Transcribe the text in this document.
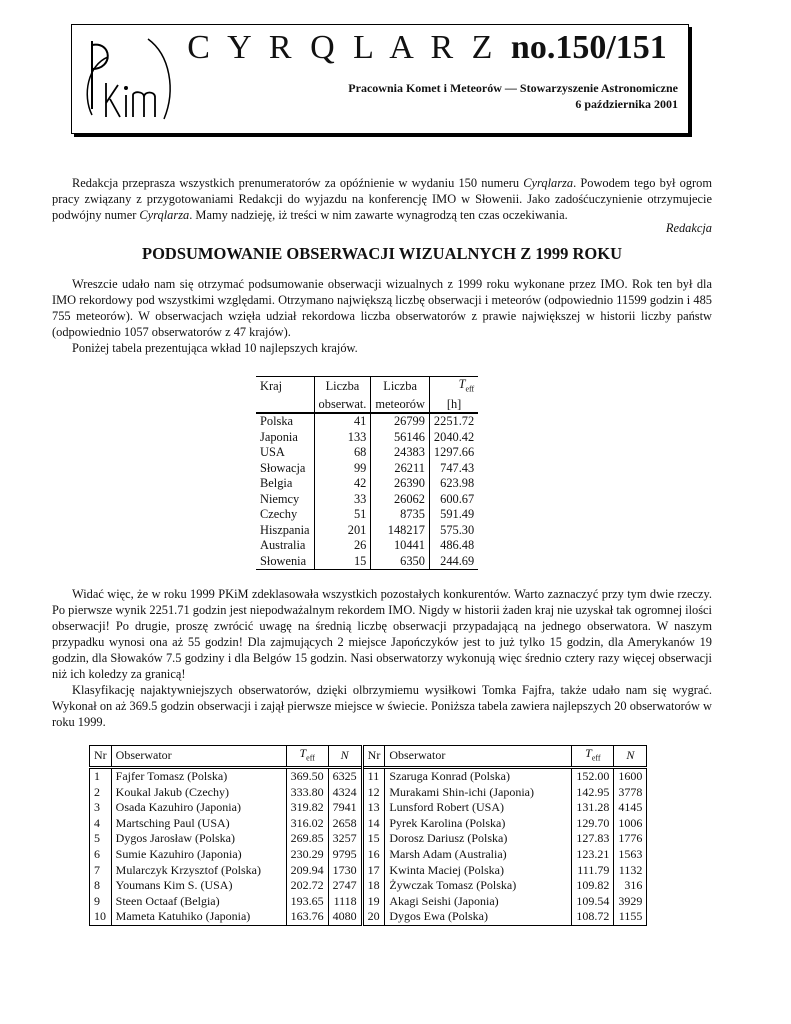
C Y R Q L A R Z no.150/151
Pracownia Komet i Meteorów — Stowarzyszenie Astronomiczne
6 października 2001

Redakcja przeprasza wszystkich prenumeratorów za opóźnienie w wydaniu 150 numeru Cyrqlarza. Powodem tego był ogrom pracy związany z przygotowaniami Redakcji do wyjazdu na konferencję IMO w Słowenii. Jako zadośćuczynienie otrzymujecie podwójny numer Cyrqlarza. Mamy nadzieję, iż treści w nim zawarte wynagrodzą ten czas oczekiwania.

Redakcja
PODSUMOWANIE OBSERWACJI WIZUALNYCH Z 1999 ROKU

Wreszcie udało nam się otrzymać podsumowanie obserwacji wizualnych z 1999 roku wykonane przez IMO. Rok ten był dla IMO rekordowy pod wszystkimi względami. Otrzymano największą liczbę obserwacji i meteorów (odpowiednio 11599 godzin i 485 755 meteorów). W obserwacjach wzięła udział rekordowa liczba obserwatorów z prawie największej w historii liczby państw (odpowiednio 1057 obserwatorów z 47 krajów).

Poniżej tabela prezentująca wkład 10 najlepszych krajów.

Kraj	Liczba	Liczba	$T_{eff}$
	obserwat.	meteorów	[h]
Polska	41	26799	2251.72
Japonia	133	56146	2040.42
USA	68	24383	1297.66
Słowacja	99	26211	747.43
Belgia	42	26390	623.98
Niemcy	33	26062	600.67
Czechy	51	8735	591.49
Hiszpania	201	148217	575.30
Australia	26	10441	486.48
Słowenia	15	6350	244.69

Widać więc, że w roku 1999 PKiM zdeklasowała wszystkich pozostałych konkurentów. Warto zaznaczyć przy tym dwie rzeczy. Po pierwsze wynik 2251.71 godzin jest niepodważalnym rekordem IMO. Nigdy w historii żaden kraj nie uzyskał tak ogromnej ilości obserwacji! Po drugie, proszę zwrócić uwagę na średnią liczbę obserwacji przypadającą na jednego obserwatora. W naszym przypadku wynosi ona aż 55 godzin! Dla zajmujących 2 miejsce Japończyków jest to już tylko 15 godzin, dla Amerykanów 19 godzin, dla Słowaków 7.5 godziny i dla Belgów 15 godzin. Nasi obserwatorzy wykonują więc średnio cztery razy więcej obserwacji niż ich koledzy za granicą!

Klasyfikację najaktywniejszych obserwatorów, dzięki olbrzymiemu wysiłkowi Tomka Fajfra, także udało nam się wygrać. Wykonał on aż 369.5 godzin obserwacji i zajął pierwsze miejsce w świecie. Poniższa tabela zawiera najlepszych 20 obserwatorów w roku 1999.

Nr	Obserwator	$T_{eff}$	N	Nr	Obserwator	$T_{eff}$	N
1	Fajfer Tomasz (Polska)	369.50	6325	11	Szaruga Konrad (Polska)	152.00	1600
2	Koukal Jakub (Czechy)	333.80	4324	12	Murakami Shin-ichi (Japonia)	142.95	3778
3	Osada Kazuhiro (Japonia)	319.82	7941	13	Lunsford Robert (USA)	131.28	4145
4	Martsching Paul (USA)	316.02	2658	14	Pyrek Karolina (Polska)	129.70	1006
5	Dygos Jarosław (Polska)	269.85	3257	15	Dorosz Dariusz (Polska)	127.83	1776
6	Sumie Kazuhiro (Japonia)	230.29	9795	16	Marsh Adam (Australia)	123.21	1563
7	Mularczyk Krzysztof (Polska)	209.94	1730	17	Kwinta Maciej (Polska)	111.79	1132
8	Youmans Kim S. (USA)	202.72	2747	18	Żywczak Tomasz (Polska)	109.82	316
9	Steen Octaaf (Belgia)	193.65	1118	19	Akagi Seishi (Japonia)	109.54	3929
10	Mameta Katuhiko (Japonia)	163.76	4080	20	Dygos Ewa (Polska)	108.72	1155
